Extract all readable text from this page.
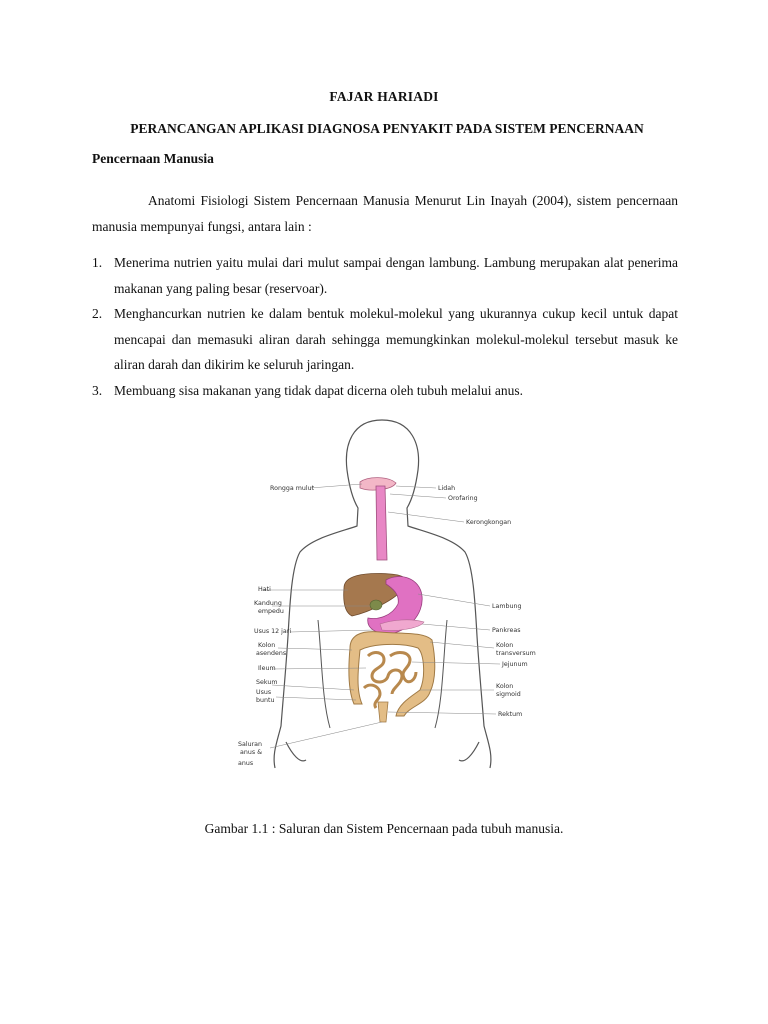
FAJAR HARIADI
PERANCANGAN APLIKASI DIAGNOSA PENYAKIT PADA SISTEM PENCERNAAN
Pencernaan Manusia

Anatomi Fisiologi Sistem Pencernaan Manusia Menurut Lin Inayah (2004), sistem pencernaan manusia mempunyai fungsi, antara lain :

1. Menerima nutrien yaitu mulai dari mulut sampai dengan lambung. Lambung merupakan alat penerima makanan yang paling besar (reservoar).
2. Menghancurkan nutrien ke dalam bentuk molekul-molekul yang ukurannya cukup kecil untuk dapat mencapai dan memasuki aliran darah sehingga memungkinkan molekul-molekul tersebut masuk ke aliran darah dan dikirim ke seluruh jaringan.
3. Membuang sisa makanan yang tidak dapat dicerna oleh tubuh melalui anus.
Rongga mulut
Hati
Kandung
empedu
Usus 12 jari
Kolon
asendens
Ileum
Sekum
Usus
buntu
Saluran
anus &
anus
Lidah
Orofaring
Kerongkongan
Lambung
Pankreas
Kolon
transversum
Jejunum
Kolon
sigmoid
Rektum
Gambar 1.1 : Saluran dan Sistem Pencernaan pada tubuh manusia.
